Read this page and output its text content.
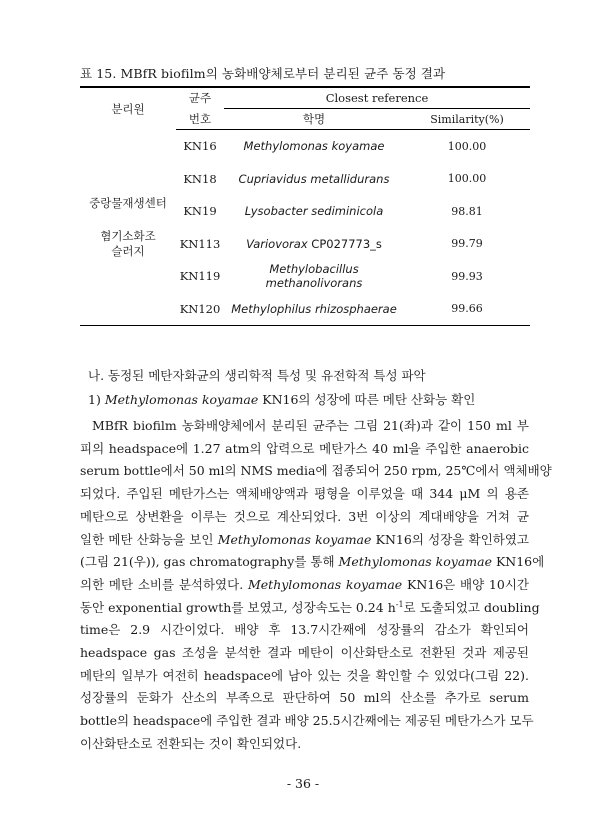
표 15. MBfR biofilm의 농화배양체로부터 분리된 균주 동정 결과
분리원	균주	Closest reference	
	번호	학명	Similarity(%)

중랑물재생센터
혐기소화조
슬러지	KN16	Methylomonas koyamae	100.00
	KN18	Cupriavidus metallidurans	100.00
	KN19	Lysobacter sediminicola	98.81
	KN113	Variovorax CP027773_s	99.79
	KN119	Methylobacillus methanolivorans	99.93
	KN120	Methylophilus rhizosphaerae	99.66
나. 동정된 메탄자화균의 생리학적 특성 및 유전학적 특성 파악
1) Methylomonas koyamae KN16의 성장에 따른 메탄 산화능 확인
MBfR biofilm 농화배양체에서 분리된 균주는 그림 21(좌)과 같이 150 ml 부
피의 headspace에 1.27 atm의 압력으로 메탄가스 40 ml을 주입한 anaerobic
serum bottle에서 50 ml의 NMS media에 접종되어 250 rpm, 25℃에서 액체배양
되었다. 주입된 메탄가스는 액체배양액과 평형을 이루었을 때 344 μM 의 용존
메탄으로 상변환을 이루는 것으로 계산되었다. 3번 이상의 계대배양을 거쳐 균
일한 메탄 산화능을 보인 Methylomonas koyamae KN16의 성장을 확인하였고
(그림 21(우)), gas chromatography를 통해 Methylomonas koyamae KN16에
의한 메탄 소비를 분석하였다. Methylomonas koyamae KN16은 배양 10시간
동안 exponential growth를 보였고, 성장속도는 0.24 $h^{-1}$로 도출되었고 doubling
time은 2.9 시간이었다. 배양 후 13.7시간째에 성장률의 감소가 확인되어
headspace gas 조성을 분석한 결과 메탄이 이산화탄소로 전환된 것과 제공된
메탄의 일부가 여전히 headspace에 남아 있는 것을 확인할 수 있었다(그림 22).
성장률의 둔화가 산소의 부족으로 판단하여 50 ml의 산소를 추가로 serum
bottle의 headspace에 주입한 결과 배양 25.5시간째에는 제공된 메탄가스가 모두
이산화탄소로 전환되는 것이 확인되었다.
- 36 -
